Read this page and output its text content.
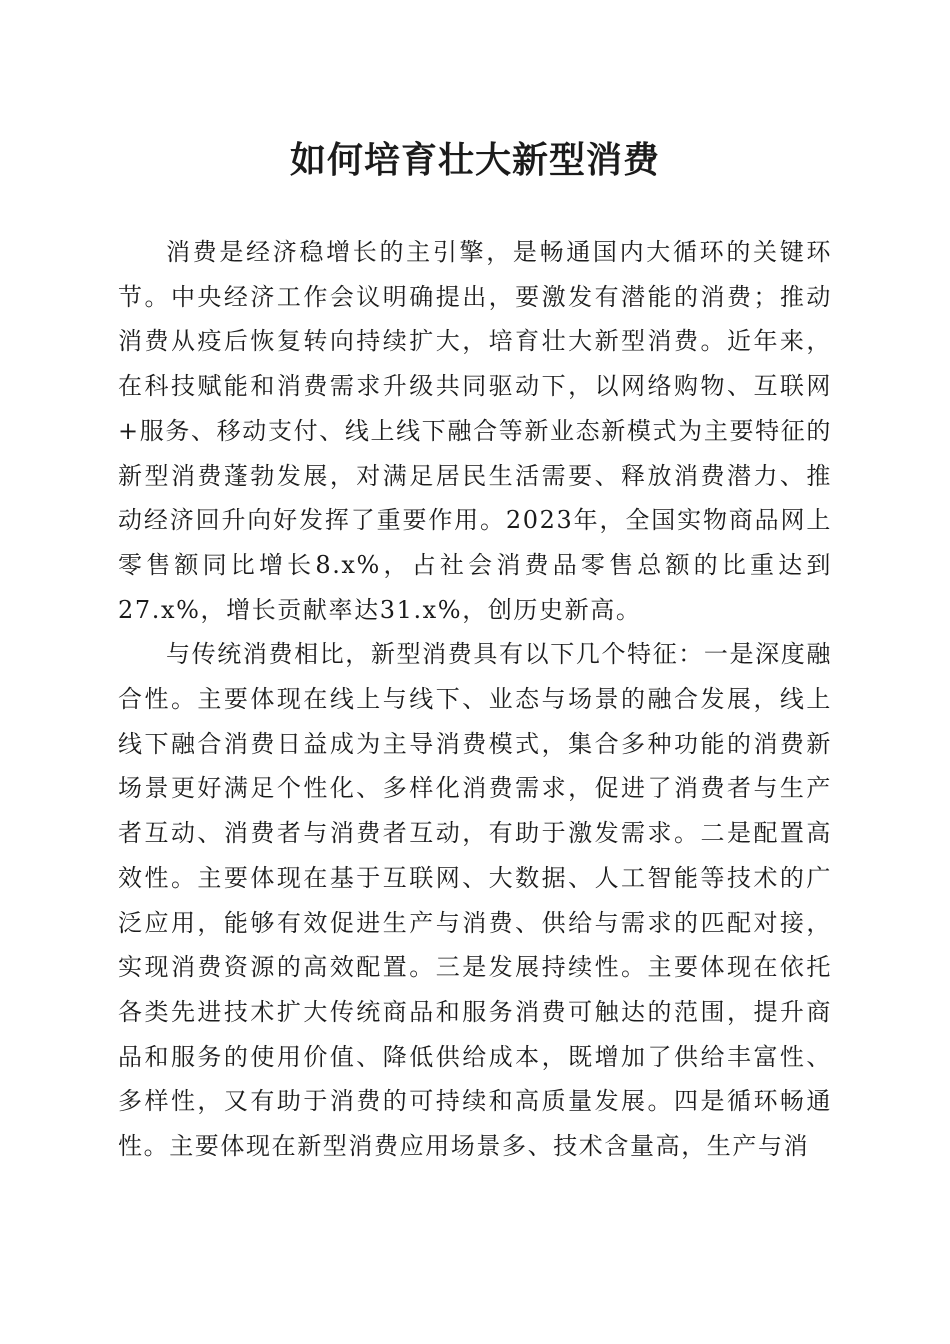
如何培育壮大新型消费

消费是经济稳增长的主引擎，是畅通国内大循环的关键环节。中央经济工作会议明确提出，要激发有潜能的消费；推动消费从疫后恢复转向持续扩大，培育壮大新型消费。近年来，在科技赋能和消费需求升级共同驱动下，以网络购物、互联网+服务、移动支付、线上线下融合等新业态新模式为主要特征的新型消费蓬勃发展，对满足居民生活需要、释放消费潜力、推动经济回升向好发挥了重要作用。2023年，全国实物商品网上零售额同比增长8.x%，占社会消费品零售总额的比重达到27.x%，增长贡献率达31.x%，创历史新高。

与传统消费相比，新型消费具有以下几个特征：一是深度融合性。主要体现在线上与线下、业态与场景的融合发展，线上线下融合消费日益成为主导消费模式，集合多种功能的消费新场景更好满足个性化、多样化消费需求，促进了消费者与生产者互动、消费者与消费者互动，有助于激发需求。二是配置高效性。主要体现在基于互联网、大数据、人工智能等技术的广泛应用，能够有效促进生产与消费、供给与需求的匹配对接，实现消费资源的高效配置。三是发展持续性。主要体现在依托各类先进技术扩大传统商品和服务消费可触达的范围，提升商品和服务的使用价值、降低供给成本，既增加了供给丰富性、多样性，又有助于消费的可持续和高质量发展。四是循环畅通性。主要体现在新型消费应用场景多、技术含量高，生产与消
